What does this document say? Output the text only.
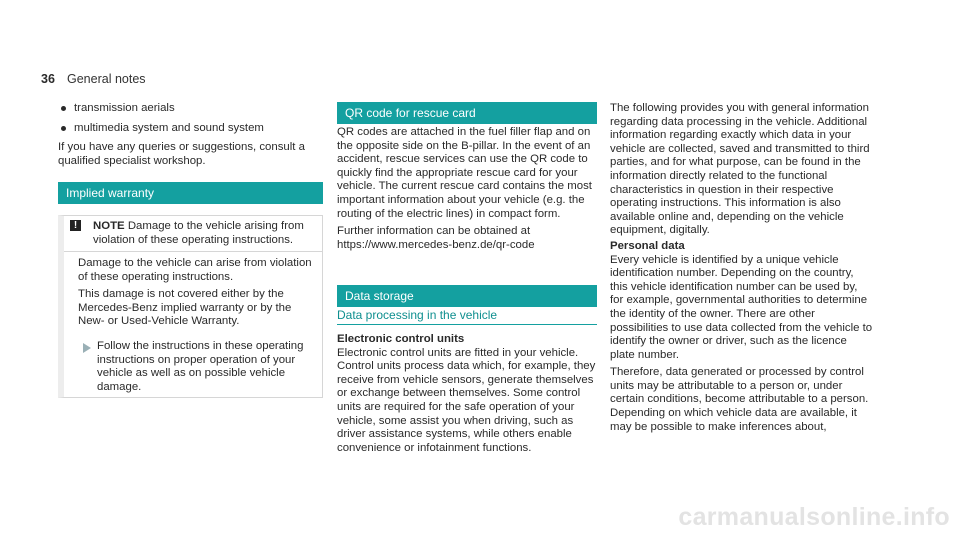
36 General notes
transmission aerials
multimedia system and sound system

If you have any queries or suggestions, consult a qualified specialist workshop.

Implied warranty
! NOTE Damage to the vehicle arising from violation of these operating instructions.

Damage to the vehicle can arise from violation of these operating instructions.

This damage is not covered either by the Mercedes-Benz implied warranty or by the New- or Used-Vehicle Warranty.

Follow the instructions in these operating instructions on proper operation of your vehicle as well as on possible vehicle damage.

QR code for rescue card

QR codes are attached in the fuel filler flap and on the opposite side on the B-pillar. In the event of an accident, rescue services can use the QR code to quickly find the appropriate rescue card for your vehicle. The current rescue card contains the most important information about your vehicle (e.g. the routing of the electric lines) in compact form.

Further information can be obtained at https://www.mercedes-benz.de/qr-code

Data storage
Data processing in the vehicle

Electronic control units

Electronic control units are fitted in your vehicle. Control units process data which, for example, they receive from vehicle sensors, generate themselves or exchange between themselves. Some control units are required for the safe operation of your vehicle, some assist you when driving, such as driver assistance systems, while others enable convenience or infotainment functions.

The following provides you with general information regarding data processing in the vehicle. Additional information regarding exactly which data in your vehicle are collected, saved and transmitted to third parties, and for what purpose, can be found in the information directly related to the functional characteristics in question in their respective operating instructions. This information is also available online and, depending on the vehicle equipment, digitally.

Personal data

Every vehicle is identified by a unique vehicle identification number. Depending on the country, this vehicle identification number can be used by, for example, governmental authorities to determine the identity of the owner. There are other possibilities to use data collected from the vehicle to identify the owner or driver, such as the licence plate number.

Therefore, data generated or processed by control units may be attributable to a person or, under certain conditions, become attributable to a person. Depending on which vehicle data are available, it may be possible to make inferences about,

carmanualsonline.info
